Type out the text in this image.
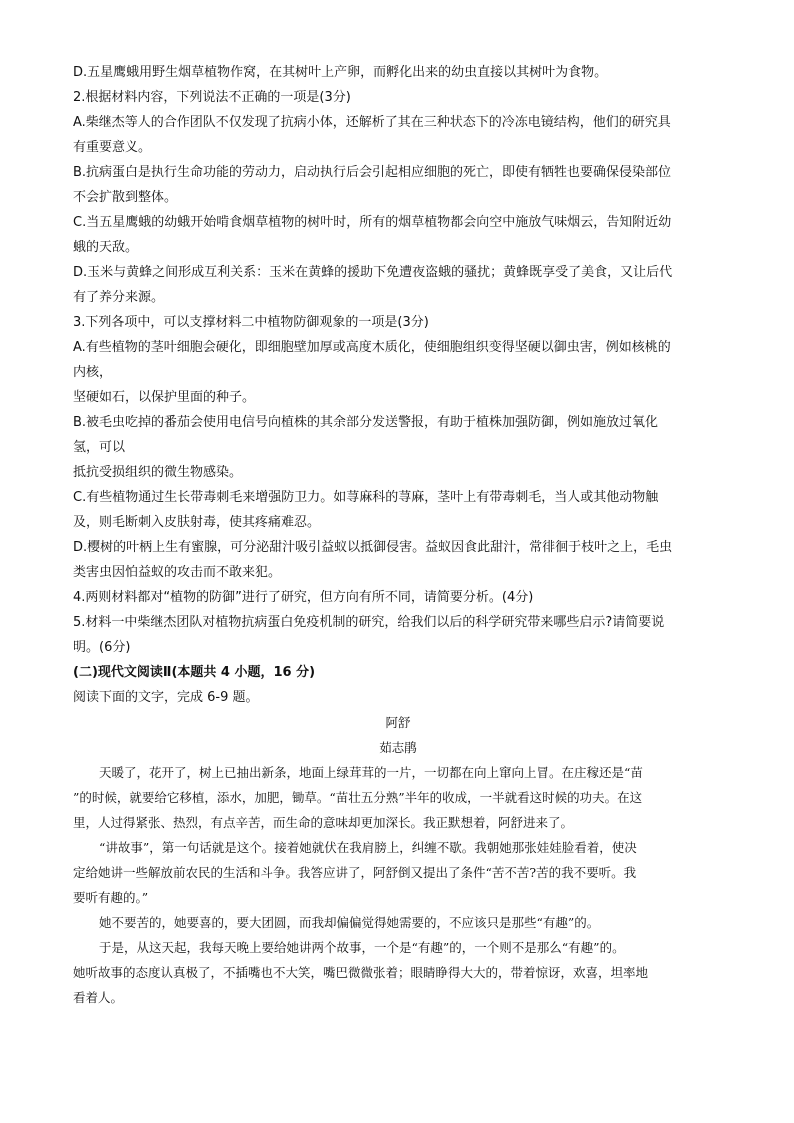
D.五星鹰蛾用野生烟草植物作窝，在其树叶上产卵，而孵化出来的幼虫直接以其树叶为食物。
2.根据材料内容，下列说法不正确的一项是(3分)
A.柴继杰等人的合作团队不仅发现了抗病小体，还解析了其在三种状态下的冷冻电镜结构，他们的研究具
有重要意义。
B.抗病蛋白是执行生命功能的劳动力，启动执行后会引起相应细胞的死亡，即使有牺牲也要确保侵染部位
不会扩散到整体。
C.当五星鹰蛾的幼蛾开始啃食烟草植物的树叶时，所有的烟草植物都会向空中施放气味烟云，告知附近幼
蛾的天敌。
D.玉米与黄蜂之间形成互利关系：玉米在黄蜂的援助下免遭夜盗蛾的骚扰；黄蜂既享受了美食，又让后代
有了养分来源。
3.下列各项中，可以支撑材料二中植物防御观象的一项是(3分)
A.有些植物的茎叶细胞会硬化，即细胞壁加厚或高度木质化，使细胞组织变得坚硬以御虫害，例如核桃的
内核，
坚硬如石，以保护里面的种子。
B.被毛虫吃掉的番茄会使用电信号向植株的其余部分发送警报，有助于植株加强防御，例如施放过氧化
氢，可以
抵抗受损组织的微生物感染。
C.有些植物通过生长带毒刺毛来增强防卫力。如荨麻科的荨麻，茎叶上有带毒刺毛，当人或其他动物触
及，则毛断刺入皮肤射毒，使其疼痛难忍。
D.樱树的叶柄上生有蜜腺，可分泌甜汁吸引益蚁以抵御侵害。益蚁因食此甜汁，常徘徊于枝叶之上，毛虫
类害虫因怕益蚁的攻击而不敢来犯。
4.两则材料都对“植物的防御”进行了研究，但方向有所不同，请简要分析。(4分)
5.材料一中柴继杰团队对植物抗病蛋白免疫机制的研究，给我们以后的科学研究带来哪些启示?请简要说
明。(6分)
(二)现代文阅读Ⅱ(本题共 4 小题，16 分)
阅读下面的文字，完成 6-9 题。
阿舒
茹志鹃
天暖了，花开了，树上已抽出新条，地面上绿茸茸的一片，一切都在向上窜向上冒。在庄稼还是“苗
”的时候，就要给它移植，添水，加肥，锄草。“苗壮五分熟”半年的收成，一半就看这时候的功夫。在这
里，人过得紧张、热烈，有点辛苦，而生命的意味却更加深长。我正默想着，阿舒进来了。
“讲故事”，第一句话就是这个。接着她就伏在我肩膀上，纠缠不歇。我朝她那张娃娃脸看着，使决
定给她讲一些解放前农民的生活和斗争。我答应讲了，阿舒倒又提出了条件“苦不苦?苦的我不要听。我
要听有趣的。”
她不要苦的，她要喜的，要大团圆，而我却偏偏觉得她需要的，不应该只是那些“有趣”的。
于是，从这天起，我每天晚上要给她讲两个故事，一个是“有趣”的，一个则不是那么“有趣”的。
她听故事的态度认真极了，不插嘴也不大笑，嘴巴微微张着；眼睛睁得大大的，带着惊讶，欢喜，坦率地
看着人。
